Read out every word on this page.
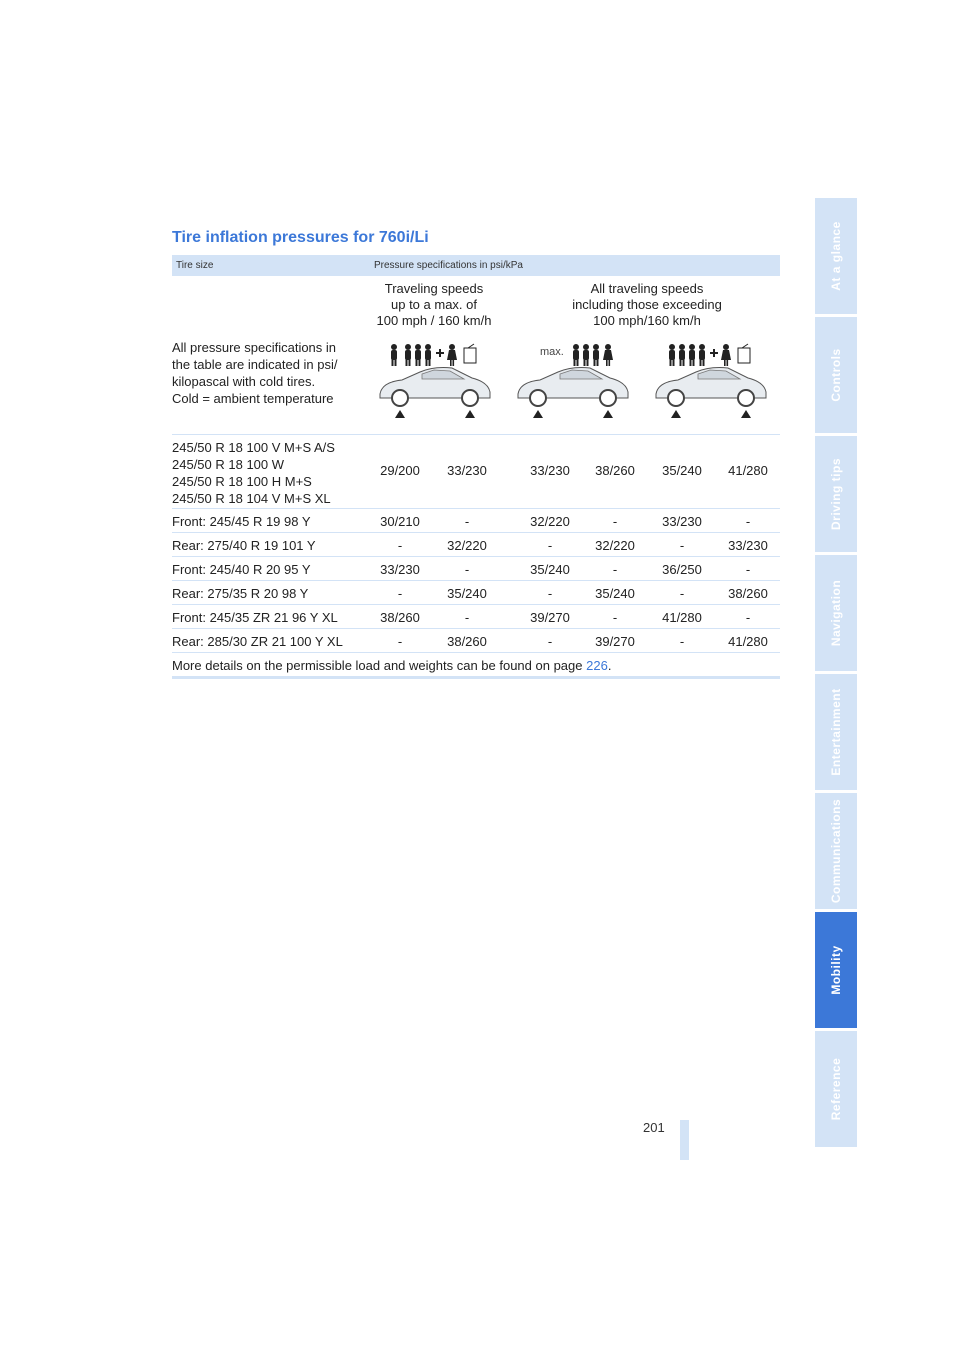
Tire inflation pressures for 760i/Li
Tire size	Pressure specifications in psi/kPa
Traveling speeds
up to a max. of
100 mph / 160 km/h
All traveling speeds
including those exceeding
100 mph/160 km/h
All pressure specifications in
the table are indicated in psi/
kilopascal with cold tires.
Cold = ambient temperature
max.
245/50 R 18 100 V M+S A/S
245/50 R 18 100 W
245/50 R 18 100 H M+S
245/50 R 18 104 V M+S XL
29/200	33/230	33/230	38/260	35/240	41/280
Front: 245/45 R 19 98 Y	30/210	-	32/220	-	33/230	-
Rear: 275/40 R 19 101 Y	-	32/220	-	32/220	-	33/230
Front: 245/40 R 20 95 Y	33/230	-	35/240	-	36/250	-
Rear: 275/35 R 20 98 Y	-	35/240	-	35/240	-	38/260
Front: 245/35 ZR 21 96 Y XL	38/260	-	39/270	-	41/280	-
Rear: 285/30 ZR 21 100 Y XL	-	38/260	-	39/270	-	41/280
More details on the permissible load and weights can be found on page 226.
At a glance
Controls
Driving tips
Navigation
Entertainment
Communications
Mobility
Reference
201
